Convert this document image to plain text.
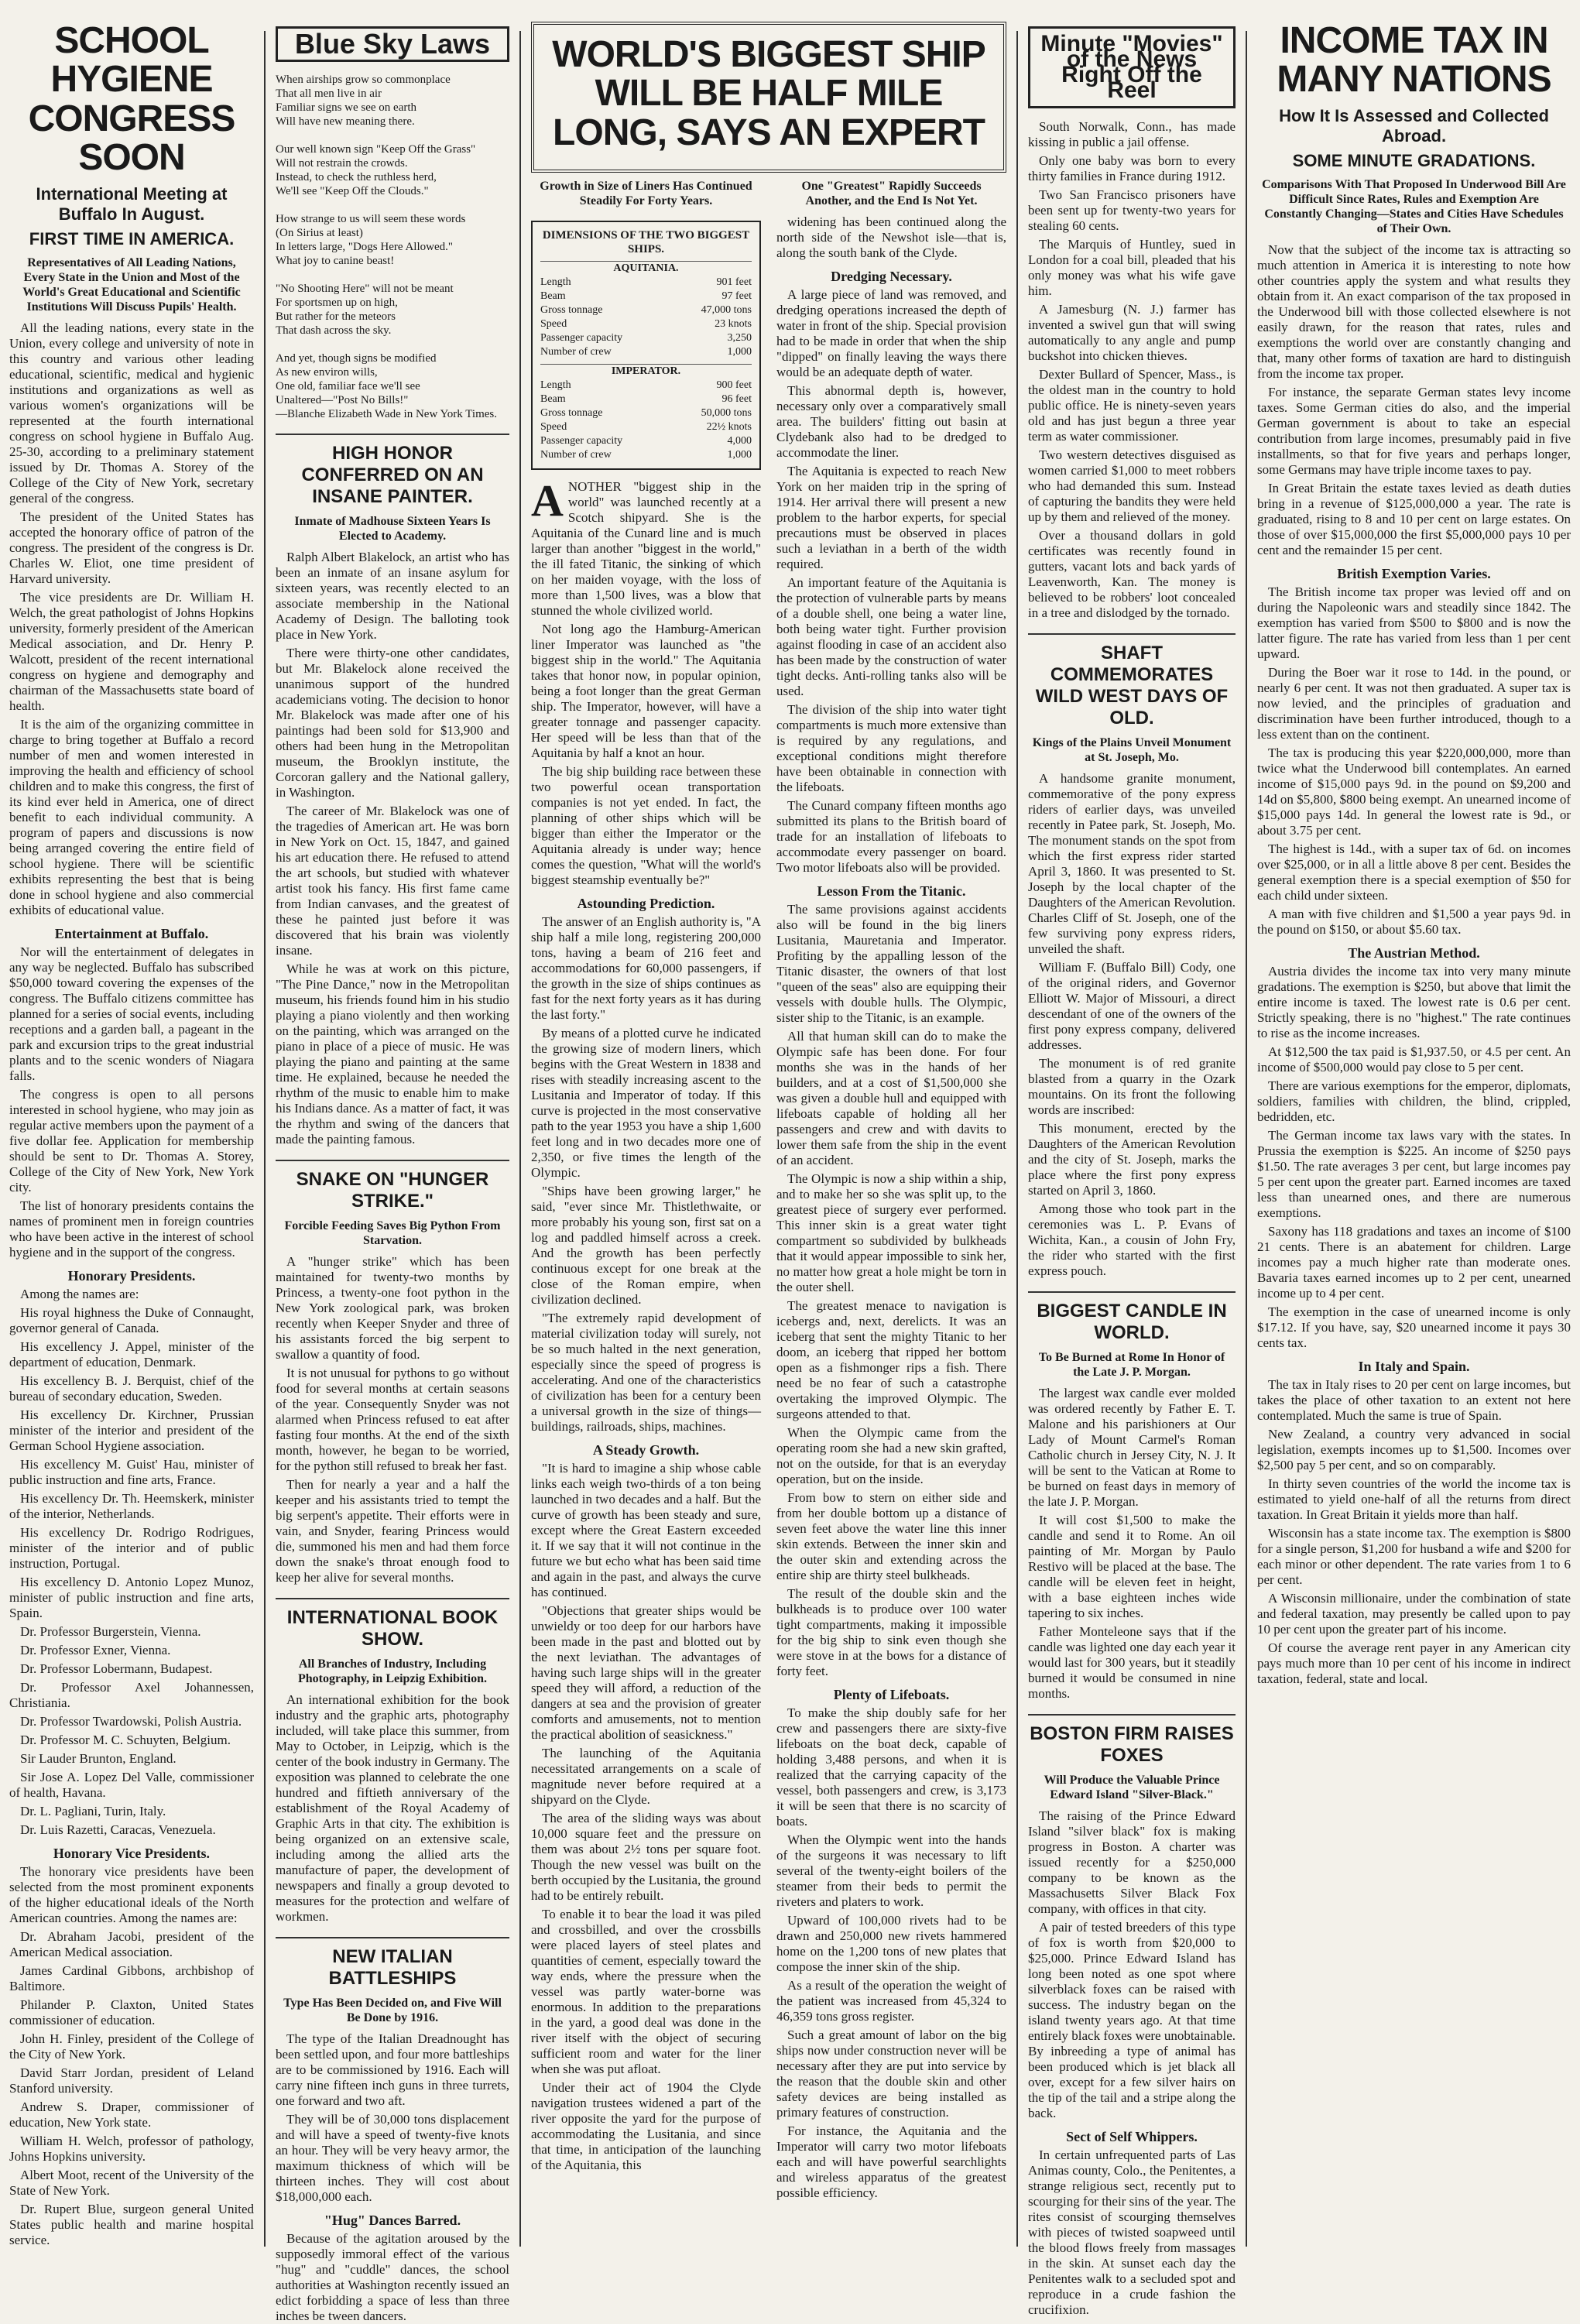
SCHOOL HYGIENE CONGRESS SOON
International Meeting at Buffalo In August.
FIRST TIME IN AMERICA.
Representatives of All Leading Nations, Every State in the Union and Most of the World's Great Educational and Scientific Institutions Will Discuss Pupils' Health.

All the leading nations, every state in the Union, every college and university of note in this country and various other leading educational, scientific, medical and hygienic institutions and organizations as well as various women's organizations will be represented at the fourth international congress on school hygiene in Buffalo Aug. 25-30, according to a preliminary statement issued by Dr. Thomas A. Storey of the College of the City of New York, secretary general of the congress.

The president of the United States has accepted the honorary office of patron of the congress. The president of the congress is Dr. Charles W. Eliot, one time president of Harvard university.

The vice presidents are Dr. William H. Welch, the great pathologist of Johns Hopkins university, formerly president of the American Medical association, and Dr. Henry P. Walcott, president of the recent international congress on hygiene and demography and chairman of the Massachusetts state board of health.

It is the aim of the organizing committee in charge to bring together at Buffalo a record number of men and women interested in improving the health and efficiency of school children and to make this congress, the first of its kind ever held in America, one of direct benefit to each individual community. A program of papers and discussions is now being arranged covering the entire field of school hygiene. There will be scientific exhibits representing the best that is being done in school hygiene and also commercial exhibits of educational value.

Entertainment at Buffalo.

Nor will the entertainment of delegates in any way be neglected. Buffalo has subscribed $50,000 toward covering the expenses of the congress. The Buffalo citizens committee has planned for a series of social events, including receptions and a garden ball, a pageant in the park and excursion trips to the great industrial plants and to the scenic wonders of Niagara falls.

The congress is open to all persons interested in school hygiene, who may join as regular active members upon the payment of a five dollar fee. Application for membership should be sent to Dr. Thomas A. Storey, College of the City of New York, New York city.

The list of honorary presidents contains the names of prominent men in foreign countries who have been active in the interest of school hygiene and in the support of the congress.

Honorary Presidents.

Among the names are:

His royal highness the Duke of Connaught, governor general of Canada.

His excellency J. Appel, minister of the department of education, Denmark.

His excellency B. J. Berquist, chief of the bureau of secondary education, Sweden.

His excellency Dr. Kirchner, Prussian minister of the interior and president of the German School Hygiene association.

His excellency M. Guist' Hau, minister of public instruction and fine arts, France.

His excellency Dr. Th. Heemskerk, minister of the interior, Netherlands.

His excellency Dr. Rodrigo Rodrigues, minister of the interior and of public instruction, Portugal.

His excellency D. Antonio Lopez Munoz, minister of public instruction and fine arts, Spain.

Dr. Professor Burgerstein, Vienna.

Dr. Professor Exner, Vienna.

Dr. Professor Lobermann, Budapest.

Dr. Professor Axel Johannessen, Christiania.

Dr. Professor Twardowski, Polish Austria.

Dr. Professor M. C. Schuyten, Belgium.

Sir Lauder Brunton, England.

Sir Jose A. Lopez Del Valle, commissioner of health, Havana.

Dr. L. Pagliani, Turin, Italy.

Dr. Luis Razetti, Caracas, Venezuela.

Honorary Vice Presidents.

The honorary vice presidents have been selected from the most prominent exponents of the higher educational ideals of the North American countries. Among the names are:

Dr. Abraham Jacobi, president of the American Medical association.

James Cardinal Gibbons, archbishop of Baltimore.

Philander P. Claxton, United States commissioner of education.

John H. Finley, president of the College of the City of New York.

David Starr Jordan, president of Leland Stanford university.

Andrew S. Draper, commissioner of education, New York state.

William H. Welch, professor of pathology, Johns Hopkins university.

Albert Moot, recent of the University of the State of New York.

Dr. Rupert Blue, surgeon general United States public health and marine hospital service.

Blue Sky Laws
When airships grow so commonplace
That all men live in air
Familiar signs we see on earth
Will have new meaning there.

Our well known sign "Keep Off the Grass"
Will not restrain the crowds.
Instead, to check the ruthless herd,
We'll see "Keep Off the Clouds."

How strange to us will seem these words
(On Sirius at least)
In letters large, "Dogs Here Allowed."
What joy to canine beast!

"No Shooting Here" will not be meant
For sportsmen up on high,
But rather for the meteors
That dash across the sky.

And yet, though signs be modified
As new environ wills,
One old, familiar face we'll see
Unaltered—"Post No Bills!"
—Blanche Elizabeth Wade in New York Times.
HIGH HONOR CONFERRED ON AN INSANE PAINTER.
Inmate of Madhouse Sixteen Years Is Elected to Academy.

Ralph Albert Blakelock, an artist who has been an inmate of an insane asylum for sixteen years, was recently elected to an associate membership in the National Academy of Design. The balloting took place in New York.

There were thirty-one other candidates, but Mr. Blakelock alone received the unanimous support of the hundred academicians voting. The decision to honor Mr. Blakelock was made after one of his paintings had been sold for $13,900 and others had been hung in the Metropolitan museum, the Brooklyn institute, the Corcoran gallery and the National gallery, in Washington.

The career of Mr. Blakelock was one of the tragedies of American art. He was born in New York on Oct. 15, 1847, and gained his art education there. He refused to attend the art schools, but studied with whatever artist took his fancy. His first fame came from Indian canvases, and the greatest of these he painted just before it was discovered that his brain was violently insane.

While he was at work on this picture, "The Pine Dance," now in the Metropolitan museum, his friends found him in his studio playing a piano violently and then working on the painting, which was arranged on the piano in place of a piece of music. He was playing the piano and painting at the same time. He explained, because he needed the rhythm of the music to enable him to make his Indians dance. As a matter of fact, it was the rhythm and swing of the dancers that made the painting famous.

SNAKE ON "HUNGER STRIKE."
Forcible Feeding Saves Big Python From Starvation.

A "hunger strike" which has been maintained for twenty-two months by Princess, a twenty-one foot python in the New York zoological park, was broken recently when Keeper Snyder and three of his assistants forced the big serpent to swallow a quantity of food.

It is not unusual for pythons to go without food for several months at certain seasons of the year. Consequently Snyder was not alarmed when Princess refused to eat after fasting four months. At the end of the sixth month, however, he began to be worried, for the python still refused to break her fast.

Then for nearly a year and a half the keeper and his assistants tried to tempt the big serpent's appetite. Their efforts were in vain, and Snyder, fearing Princess would die, summoned his men and had them force down the snake's throat enough food to keep her alive for several months.

INTERNATIONAL BOOK SHOW.
All Branches of Industry, Including Photography, in Leipzig Exhibition.

An international exhibition for the book industry and the graphic arts, photography included, will take place this summer, from May to October, in Leipzig, which is the center of the book industry in Germany. The exposition was planned to celebrate the one hundred and fiftieth anniversary of the establishment of the Royal Academy of Graphic Arts in that city. The exhibition is being organized on an extensive scale, including among the allied arts the manufacture of paper, the development of newspapers and finally a group devoted to measures for the protection and welfare of workmen.

NEW ITALIAN BATTLESHIPS
Type Has Been Decided on, and Five Will Be Done by 1916.

The type of the Italian Dreadnought has been settled upon, and four more battleships are to be commissioned by 1916. Each will carry nine fifteen inch guns in three turrets, one forward and two aft.

They will be of 30,000 tons displacement and will have a speed of twenty-five knots an hour. They will be very heavy armor, the maximum thickness of which will be thirteen inches. They will cost about $18,000,000 each.

"Hug" Dances Barred.

Because of the agitation aroused by the supposedly immoral effect of the various "hug" and "cuddle" dances, the school authorities at Washington recently issued an edict forbidding a space of less than three inches be tween dancers.

WORLD'S BIGGEST SHIP WILL BE HALF MILE LONG, SAYS AN EXPERT
Growth in Size of Liners Has Continued Steadily For Forty Years.
One "Greatest" Rapidly Succeeds Another, and the End Is Not Yet.
DIMENSIONS OF THE TWO BIGGEST SHIPS.
AQUITANIA.
Length	901 feet
Beam	97 feet
Gross tonnage	47,000 tons
Speed	23 knots
Passenger capacity	3,250
Number of crew	1,000
IMPERATOR.
Length	900 feet
Beam	96 feet
Gross tonnage	50,000 tons
Speed	22½ knots
Passenger capacity	4,000
Number of crew	1,000

ANOTHER "biggest ship in the world" was launched recently at a Scotch shipyard. She is the Aquitania of the Cunard line and is much larger than another "biggest in the world," the ill fated Titanic, the sinking of which on her maiden voyage, with the loss of more than 1,500 lives, was a blow that stunned the whole civilized world.

Not long ago the Hamburg-American liner Imperator was launched as "the biggest ship in the world." The Aquitania takes that honor now, in popular opinion, being a foot longer than the great German ship. The Imperator, however, will have a greater tonnage and passenger capacity. Her speed will be less than that of the Aquitania by half a knot an hour.

The big ship building race between these two powerful ocean transportation companies is not yet ended. In fact, the planning of other ships which will be bigger than either the Imperator or the Aquitania already is under way; hence comes the question, "What will the world's biggest steamship eventually be?"

Astounding Prediction.

The answer of an English authority is, "A ship half a mile long, registering 200,000 tons, having a beam of 216 feet and accommodations for 60,000 passengers, if the growth in the size of ships continues as fast for the next forty years as it has during the last forty."

By means of a plotted curve he indicated the growing size of modern liners, which begins with the Great Western in 1838 and rises with steadily increasing ascent to the Lusitania and Imperator of today. If this curve is projected in the most conservative path to the year 1953 you have a ship 1,600 feet long and in two decades more one of 2,350, or five times the length of the Olympic.

"Ships have been growing larger," he said, "ever since Mr. Thistlethwaite, or more probably his young son, first sat on a log and paddled himself across a creek. And the growth has been perfectly continuous except for one break at the close of the Roman empire, when civilization declined.

"The extremely rapid development of material civilization today will surely, not be so much halted in the next generation, especially since the speed of progress is accelerating. And one of the characteristics of civilization has been for a century been a universal growth in the size of things—buildings, railroads, ships, machines.

A Steady Growth.

"It is hard to imagine a ship whose cable links each weigh two-thirds of a ton being launched in two decades and a half. But the curve of growth has been steady and sure, except where the Great Eastern exceeded it. If we say that it will not continue in the future we but echo what has been said time and again in the past, and always the curve has continued.

"Objections that greater ships would be unwieldy or too deep for our harbors have been made in the past and blotted out by the next leviathan. The advantages of having such large ships will in the greater speed they will afford, a reduction of the dangers at sea and the provision of greater comforts and amusements, not to mention the practical abolition of seasickness."

The launching of the Aquitania necessitated arrangements on a scale of magnitude never before required at a shipyard on the Clyde.

The area of the sliding ways was about 10,000 square feet and the pressure on them was about 2½ tons per square foot. Though the new vessel was built on the berth occupied by the Lusitania, the ground had to be entirely rebuilt.

To enable it to bear the load it was piled and crossbilled, and over the crossbills were placed layers of steel plates and quantities of cement, especially toward the way ends, where the pressure when the vessel was partly water-borne was enormous. In addition to the preparations in the yard, a good deal was done in the river itself with the object of securing sufficient room and water for the liner when she was put afloat.

Under their act of 1904 the Clyde navigation trustees widened a part of the river opposite the yard for the purpose of accommodating the Lusitania, and since that time, in anticipation of the launching of the Aquitania, this

widening has been continued along the north side of the Newshot isle—that is, along the south bank of the Clyde.

Dredging Necessary.

A large piece of land was removed, and dredging operations increased the depth of water in front of the ship. Special provision had to be made in order that when the ship "dipped" on finally leaving the ways there would be an adequate depth of water.

This abnormal depth is, however, necessary only over a comparatively small area. The builders' fitting out basin at Clydebank also had to be dredged to accommodate the liner.

The Aquitania is expected to reach New York on her maiden trip in the spring of 1914. Her arrival there will present a new problem to the harbor experts, for special precautions must be observed in places such a leviathan in a berth of the width required.

An important feature of the Aquitania is the protection of vulnerable parts by means of a double shell, one being a water line, both being water tight. Further provision against flooding in case of an accident also has been made by the construction of water tight decks. Anti-rolling tanks also will be used.

The division of the ship into water tight compartments is much more extensive than is required by any regulations, and exceptional conditions might therefore have been obtainable in connection with the lifeboats.

The Cunard company fifteen months ago submitted its plans to the British board of trade for an installation of lifeboats to accommodate every passenger on board. Two motor lifeboats also will be provided.

Lesson From the Titanic.

The same provisions against accidents also will be found in the big liners Lusitania, Mauretania and Imperator. Profiting by the appalling lesson of the Titanic disaster, the owners of that lost "queen of the seas" also are equipping their vessels with double hulls. The Olympic, sister ship to the Titanic, is an example.

All that human skill can do to make the Olympic safe has been done. For four months she was in the hands of her builders, and at a cost of $1,500,000 she was given a double hull and equipped with lifeboats capable of holding all her passengers and crew and with davits to lower them safe from the ship in the event of an accident.

The Olympic is now a ship within a ship, and to make her so she was split up, to the greatest piece of surgery ever performed. This inner skin is a great water tight compartment so subdivided by bulkheads that it would appear impossible to sink her, no matter how great a hole might be torn in the outer shell.

The greatest menace to navigation is icebergs and, next, derelicts. It was an iceberg that sent the mighty Titanic to her doom, an iceberg that ripped her bottom open as a fishmonger rips a fish. There need be no fear of such a catastrophe overtaking the improved Olympic. The surgeons attended to that.

When the Olympic came from the operating room she had a new skin grafted, not on the outside, for that is an everyday operation, but on the inside.

From bow to stern on either side and from her double bottom up a distance of seven feet above the water line this inner skin extends. Between the inner skin and the outer skin and extending across the entire ship are thirty steel bulkheads.

The result of the double skin and the bulkheads is to produce over 100 water tight compartments, making it impossible for the big ship to sink even though she were stove in at the bows for a distance of forty feet.

Plenty of Lifeboats.

To make the ship doubly safe for her crew and passengers there are sixty-five lifeboats on the boat deck, capable of holding 3,488 persons, and when it is realized that the carrying capacity of the vessel, both passengers and crew, is 3,173 it will be seen that there is no scarcity of boats.

When the Olympic went into the hands of the surgeons it was necessary to lift several of the twenty-eight boilers of the steamer from their beds to permit the riveters and platers to work.

Upward of 100,000 rivets had to be drawn and 250,000 new rivets hammered home on the 1,200 tons of new plates that compose the inner skin of the ship.

As a result of the operation the weight of the patient was increased from 45,324 to 46,359 tons gross register.

Such a great amount of labor on the big ships now under construction never will be necessary after they are put into service by the reason that the double skin and other safety devices are being installed as primary features of construction.

For instance, the Aquitania and the Imperator will carry two motor lifeboats each and will have powerful searchlights and wireless apparatus of the greatest possible efficiency.

Minute "Movies" of the News Right Off the Reel

South Norwalk, Conn., has made kissing in public a jail offense.

Only one baby was born to every thirty families in France during 1912.

Two San Francisco prisoners have been sent up for twenty-two years for stealing 60 cents.

The Marquis of Huntley, sued in London for a coal bill, pleaded that his only money was what his wife gave him.

A Jamesburg (N. J.) farmer has invented a swivel gun that will swing automatically to any angle and pump buckshot into chicken thieves.

Dexter Bullard of Spencer, Mass., is the oldest man in the country to hold public office. He is ninety-seven years old and has just begun a three year term as water commissioner.

Two western detectives disguised as women carried $1,000 to meet robbers who had demanded this sum. Instead of capturing the bandits they were held up by them and relieved of the money.

Over a thousand dollars in gold certificates was recently found in gutters, vacant lots and back yards of Leavenworth, Kan. The money is believed to be robbers' loot concealed in a tree and dislodged by the tornado.

SHAFT COMMEMORATES WILD WEST DAYS OF OLD.
Kings of the Plains Unveil Monument at St. Joseph, Mo.

A handsome granite monument, commemorative of the pony express riders of earlier days, was unveiled recently in Patee park, St. Joseph, Mo. The monument stands on the spot from which the first express rider started April 3, 1860. It was presented to St. Joseph by the local chapter of the Daughters of the American Revolution. Charles Cliff of St. Joseph, one of the few surviving pony express riders, unveiled the shaft.

William F. (Buffalo Bill) Cody, one of the original riders, and Governor Elliott W. Major of Missouri, a direct descendant of one of the owners of the first pony express company, delivered addresses.

The monument is of red granite blasted from a quarry in the Ozark mountains. On its front the following words are inscribed:

This monument, erected by the Daughters of the American Revolution and the city of St. Joseph, marks the place where the first pony express started on April 3, 1860.

Among those who took part in the ceremonies was L. P. Evans of Wichita, Kan., a cousin of John Fry, the rider who started with the first express pouch.

BIGGEST CANDLE IN WORLD.
To Be Burned at Rome In Honor of the Late J. P. Morgan.

The largest wax candle ever molded was ordered recently by Father E. T. Malone and his parishioners at Our Lady of Mount Carmel's Roman Catholic church in Jersey City, N. J. It will be sent to the Vatican at Rome to be burned on feast days in memory of the late J. P. Morgan.

It will cost $1,500 to make the candle and send it to Rome. An oil painting of Mr. Morgan by Paulo Restivo will be placed at the base. The candle will be eleven feet in height, with a base eighteen inches wide tapering to six inches.

Father Monteleone says that if the candle was lighted one day each year it would last for 300 years, but it steadily burned it would be consumed in nine months.

BOSTON FIRM RAISES FOXES
Will Produce the Valuable Prince Edward Island "Silver-Black."

The raising of the Prince Edward Island "silver black" fox is making progress in Boston. A charter was issued recently for a $250,000 company to be known as the Massachusetts Silver Black Fox company, with offices in that city.

A pair of tested breeders of this type of fox is worth from $20,000 to $25,000. Prince Edward Island has long been noted as one spot where silverblack foxes can be raised with success. The industry began on the island twenty years ago. At that time entirely black foxes were unobtainable. By inbreeding a type of animal has been produced which is jet black all over, except for a few silver hairs on the tip of the tail and a stripe along the back.

Sect of Self Whippers.

In certain unfrequented parts of Las Animas county, Colo., the Penitentes, a strange religious sect, recently put to scourging for their sins of the year. The rites consist of scourging themselves with pieces of twisted soapweed until the blood flows freely from massages in the skin. At sunset each day the Penitentes walk to a secluded spot and reproduce in a crude fashion the crucifixion.

INCOME TAX IN MANY NATIONS
How It Is Assessed and Collected Abroad.
SOME MINUTE GRADATIONS.
Comparisons With That Proposed In Underwood Bill Are Difficult Since Rates, Rules and Exemption Are Constantly Changing—States and Cities Have Schedules of Their Own.

Now that the subject of the income tax is attracting so much attention in America it is interesting to note how other countries apply the system and what results they obtain from it. An exact comparison of the tax proposed in the Underwood bill with those collected elsewhere is not easily drawn, for the reason that rates, rules and exemptions the world over are constantly changing and that, many other forms of taxation are hard to distinguish from the income tax proper.

For instance, the separate German states levy income taxes. Some German cities do also, and the imperial German government is about to take an especial contribution from large incomes, presumably paid in five installments, so that for five years and perhaps longer, some Germans may have triple income taxes to pay.

In Great Britain the estate taxes levied as death duties bring in a revenue of $125,000,000 a year. The rate is graduated, rising to 8 and 10 per cent on large estates. On those of over $15,000,000 the first $5,000,000 pays 10 per cent and the remainder 15 per cent.

British Exemption Varies.

The British income tax proper was levied off and on during the Napoleonic wars and steadily since 1842. The exemption has varied from $500 to $800 and is now the latter figure. The rate has varied from less than 1 per cent upward.

During the Boer war it rose to 14d. in the pound, or nearly 6 per cent. It was not then graduated. A super tax is now levied, and the principles of graduation and discrimination have been further introduced, though to a less extent than on the continent.

The tax is producing this year $220,000,000, more than twice what the Underwood bill contemplates. An earned income of $15,000 pays 9d. in the pound on $9,200 and 14d on $5,800, $800 being exempt. An unearned income of $15,000 pays 14d. In general the lowest rate is 9d., or about 3.75 per cent.

The highest is 14d., with a super tax of 6d. on incomes over $25,000, or in all a little above 8 per cent. Besides the general exemption there is a special exemption of $50 for each child under sixteen.

A man with five children and $1,500 a year pays 9d. in the pound on $150, or about $5.60 tax.

The Austrian Method.

Austria divides the income tax into very many minute gradations. The exemption is $250, but above that limit the entire income is taxed. The lowest rate is 0.6 per cent. Strictly speaking, there is no "highest." The rate continues to rise as the income increases.

At $12,500 the tax paid is $1,937.50, or 4.5 per cent. An income of $500,000 would pay close to 5 per cent.

There are various exemptions for the emperor, diplomats, soldiers, families with children, the blind, crippled, bedridden, etc.

The German income tax laws vary with the states. In Prussia the exemption is $225. An income of $250 pays $1.50. The rate averages 3 per cent, but large incomes pay 5 per cent upon the greater part. Earned incomes are taxed less than unearned ones, and there are numerous exemptions.

Saxony has 118 gradations and taxes an income of $100 21 cents. There is an abatement for children. Large incomes pay a much higher rate than moderate ones. Bavaria taxes earned incomes up to 2 per cent, unearned income up to 4 per cent.

The exemption in the case of unearned income is only $17.12. If you have, say, $20 unearned income it pays 30 cents tax.

In Italy and Spain.

The tax in Italy rises to 20 per cent on large incomes, but takes the place of other taxation to an extent not here contemplated. Much the same is true of Spain.

New Zealand, a country very advanced in social legislation, exempts incomes up to $1,500. Incomes over $2,500 pay 5 per cent, and so on comparably.

In thirty seven countries of the world the income tax is estimated to yield one-half of all the returns from direct taxation. In Great Britain it yields more than half.

Wisconsin has a state income tax. The exemption is $800 for a single person, $1,200 for husband a wife and $200 for each minor or other dependent. The rate varies from 1 to 6 per cent.

A Wisconsin millionaire, under the combination of state and federal taxation, may presently be called upon to pay 10 per cent upon the greater part of his income.

Of course the average rent payer in any American city pays much more than 10 per cent of his income in indirect taxation, federal, state and local.
